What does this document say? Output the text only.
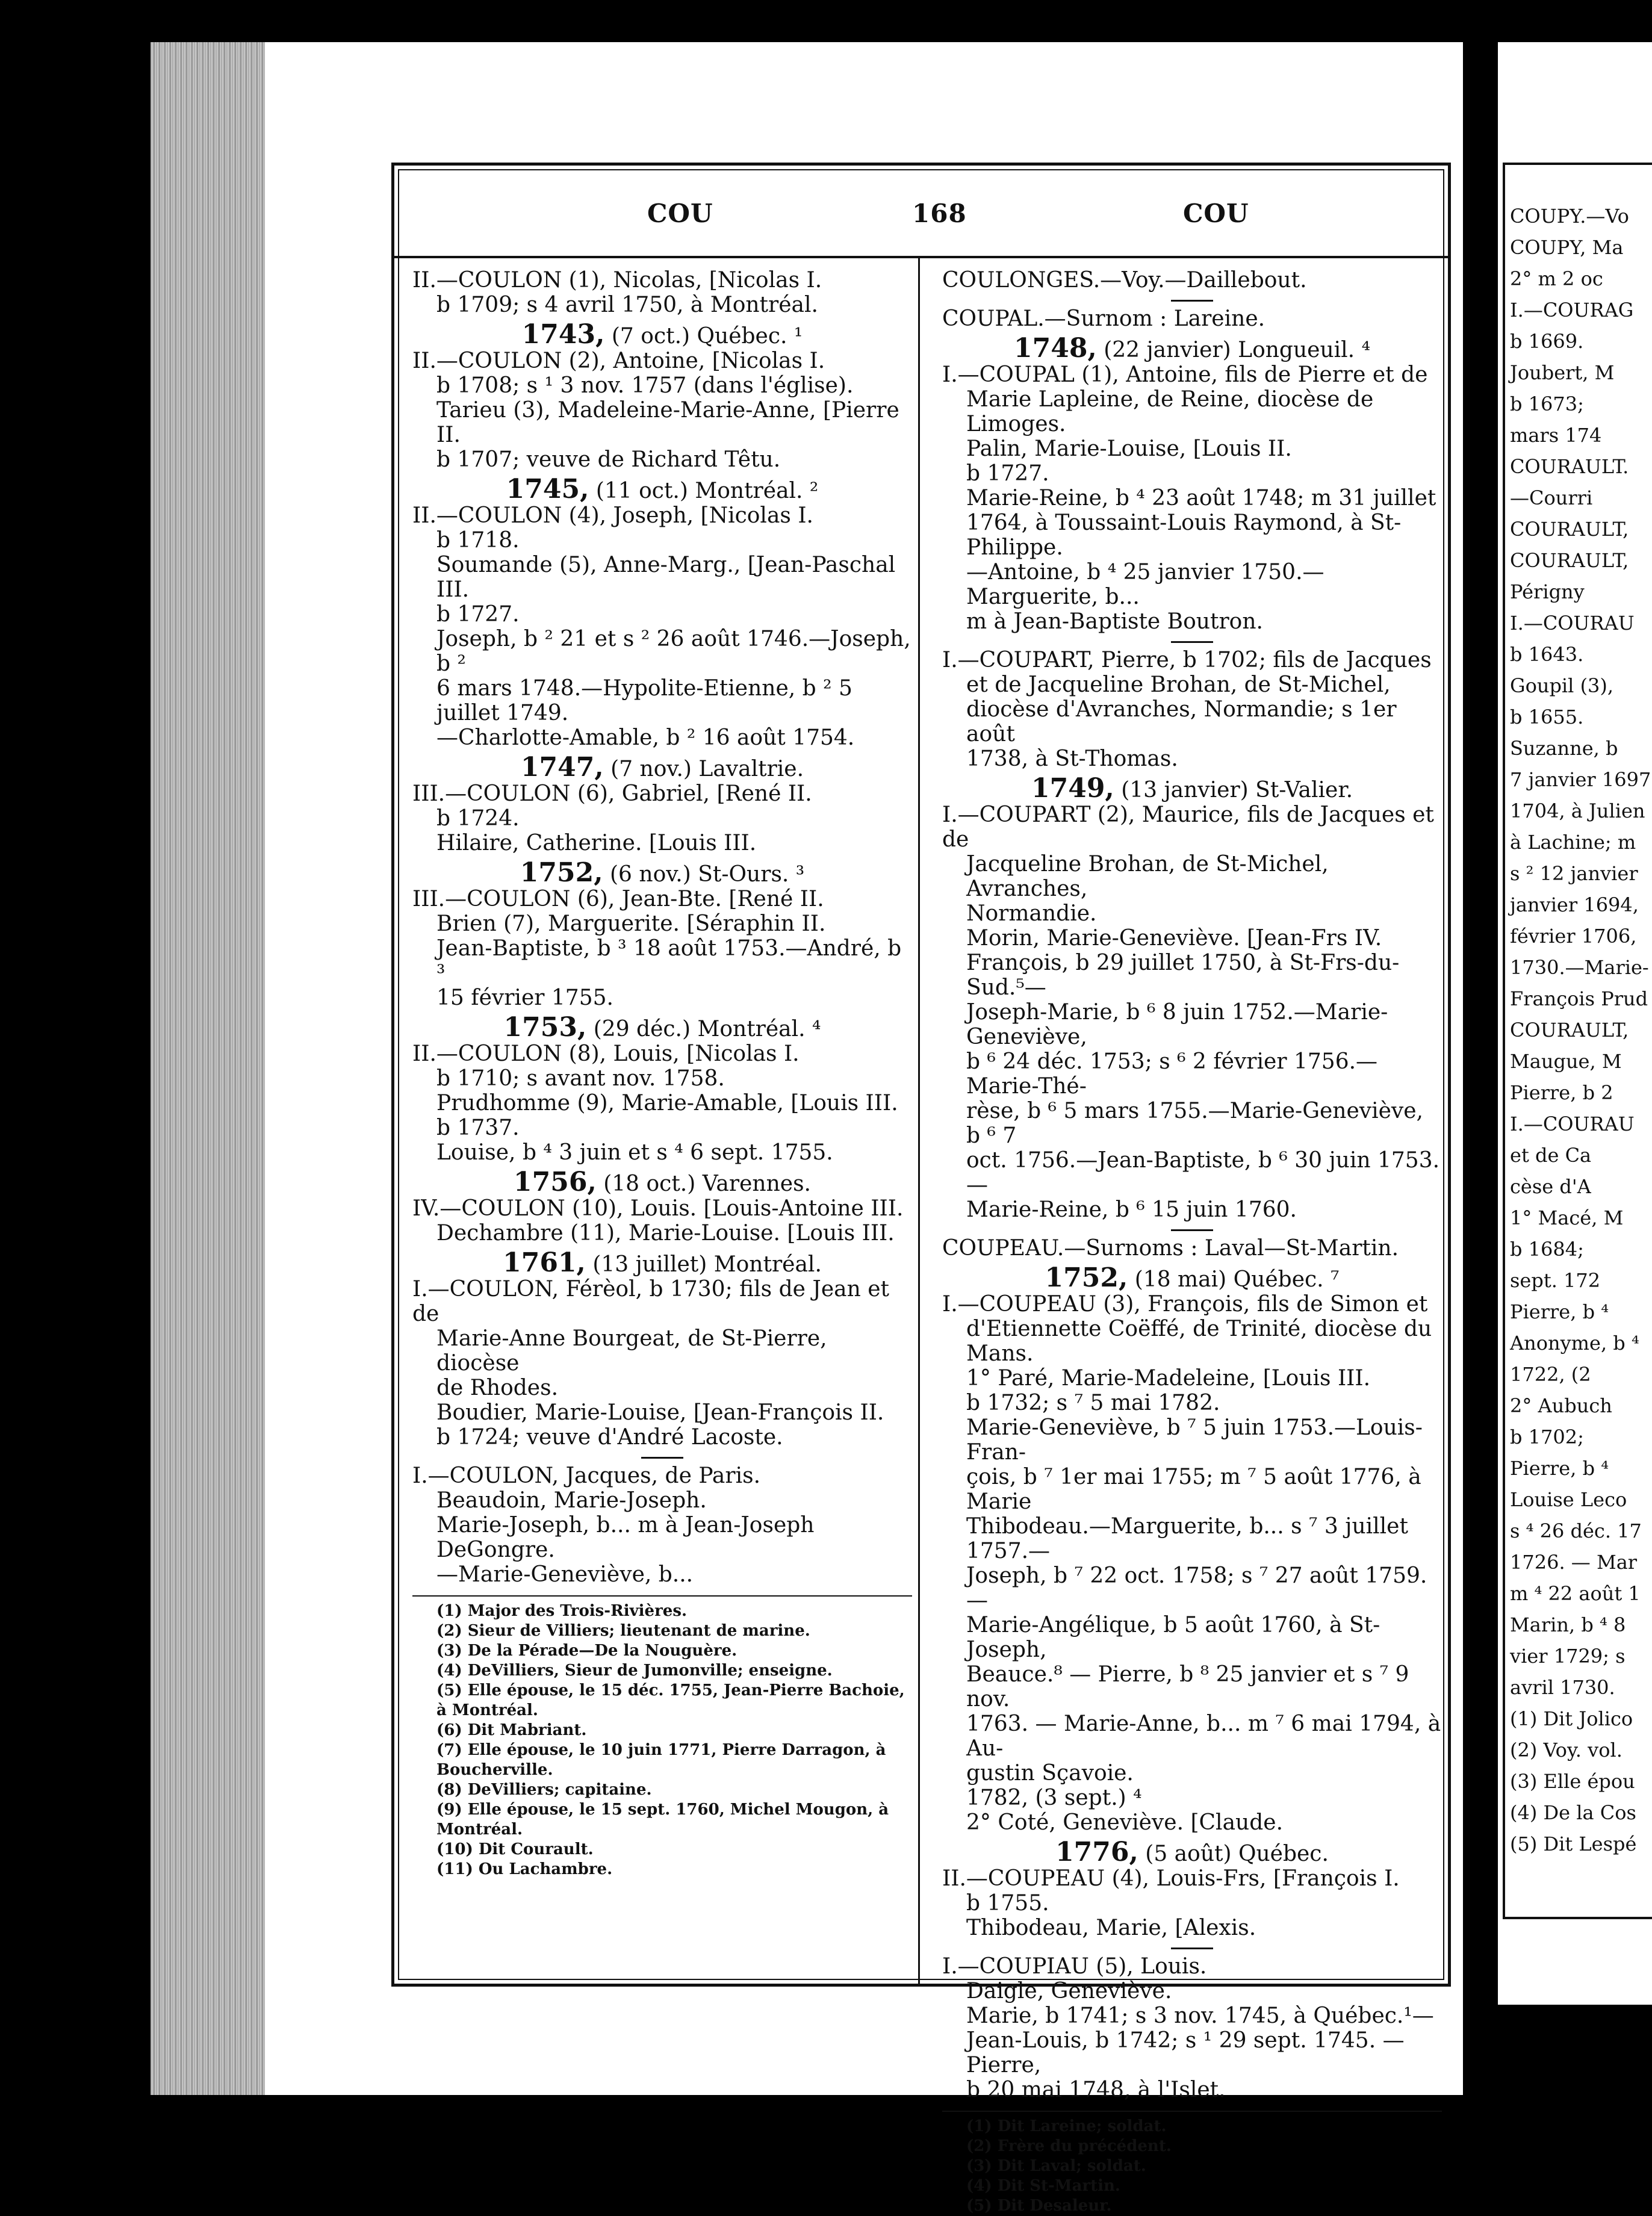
COUPY.—Vo
COUPY, Ma
2° m 2 oc
I.—COURAG
b 1669.
Joubert, M
b 1673;
mars 174
COURAULT.
—Courri
COURAULT,
COURAULT,
Périgny
I.—COURAU
b 1643.
Goupil (3),
b 1655.
Suzanne, b
7 janvier 1697
1704, à Julien
à Lachine; m
s ² 12 janvier
janvier 1694,
février 1706,
1730.—Marie-
François Prud
COURAULT,
Maugue, M
Pierre, b 2
I.—COURAU
et de Ca
cèse d'A
1° Macé, M
b 1684;
sept. 172
Pierre, b ⁴
Anonyme, b ⁴
1722, (2
2° Aubuch
b 1702;
Pierre, b ⁴
Louise Leco
s ⁴ 26 déc. 17
1726. — Mar
m ⁴ 22 août 1
Marin, b ⁴ 8
vier 1729; s
avril 1730.
(1) Dit Jolico
(2) Voy. vol.
(3) Elle épou
(4) De la Cos
(5) Dit Lespé
COU	168	COU
II.—COULON (1), Nicolas, [Nicolas I.
b 1709; s 4 avril 1750, à Montréal.
1743, (7 oct.) Québec. ¹
II.—COULON (2), Antoine, [Nicolas I.
b 1708; s ¹ 3 nov. 1757 (dans l'église).
Tarieu (3), Madeleine-Marie-Anne, [Pierre II.
b 1707; veuve de Richard Têtu.
1745, (11 oct.) Montréal. ²
II.—COULON (4), Joseph, [Nicolas I.
b 1718.
Soumande (5), Anne-Marg., [Jean-Paschal III.
b 1727.
Joseph, b ² 21 et s ² 26 août 1746.—Joseph, b ²
6 mars 1748.—Hypolite-Etienne, b ² 5 juillet 1749.
—Charlotte-Amable, b ² 16 août 1754.
1747, (7 nov.) Lavaltrie.
III.—COULON (6), Gabriel, [René II.
b 1724.
Hilaire, Catherine. [Louis III.
1752, (6 nov.) St-Ours. ³
III.—COULON (6), Jean-Bte. [René II.
Brien (7), Marguerite. [Séraphin II.
Jean-Baptiste, b ³ 18 août 1753.—André, b ³
15 février 1755.
1753, (29 déc.) Montréal. ⁴
II.—COULON (8), Louis, [Nicolas I.
b 1710; s avant nov. 1758.
Prudhomme (9), Marie-Amable, [Louis III.
b 1737.
Louise, b ⁴ 3 juin et s ⁴ 6 sept. 1755.
1756, (18 oct.) Varennes.
IV.—COULON (10), Louis. [Louis-Antoine III.
Dechambre (11), Marie-Louise. [Louis III.
1761, (13 juillet) Montréal.
I.—COULON, Férèol, b 1730; fils de Jean et de
Marie-Anne Bourgeat, de St-Pierre, diocèse
de Rhodes.
Boudier, Marie-Louise, [Jean-François II.
b 1724; veuve d'André Lacoste.
I.—COULON, Jacques, de Paris.
Beaudoin, Marie-Joseph.
Marie-Joseph, b... m à Jean-Joseph DeGongre.
—Marie-Geneviève, b...
(1) Major des Trois-Rivières.
(2) Sieur de Villiers; lieutenant de marine.
(3) De la Pérade—De la Nouguère.
(4) DeVilliers, Sieur de Jumonville; enseigne.
(5) Elle épouse, le 15 déc. 1755, Jean-Pierre Bachoie, à Montréal.
(6) Dit Mabriant.
(7) Elle épouse, le 10 juin 1771, Pierre Darragon, à Boucherville.
(8) DeVilliers; capitaine.
(9) Elle épouse, le 15 sept. 1760, Michel Mougon, à Montréal.
(10) Dit Courault.
(11) Ou Lachambre.
COULONGES.—Voy.—Daillebout.
COUPAL.—Surnom : Lareine.
1748, (22 janvier) Longueuil. ⁴
I.—COUPAL (1), Antoine, fils de Pierre et de
Marie Lapleine, de Reine, diocèse de Limoges.
Palin, Marie-Louise, [Louis II.
b 1727.
Marie-Reine, b ⁴ 23 août 1748; m 31 juillet
1764, à Toussaint-Louis Raymond, à St-Philippe.
—Antoine, b ⁴ 25 janvier 1750.—Marguerite, b...
m à Jean-Baptiste Boutron.
I.—COUPART, Pierre, b 1702; fils de Jacques
et de Jacqueline Brohan, de St-Michel,
diocèse d'Avranches, Normandie; s 1er août
1738, à St-Thomas.
1749, (13 janvier) St-Valier.
I.—COUPART (2), Maurice, fils de Jacques et de
Jacqueline Brohan, de St-Michel, Avranches,
Normandie.
Morin, Marie-Geneviève. [Jean-Frs IV.
François, b 29 juillet 1750, à St-Frs-du-Sud.⁵—
Joseph-Marie, b ⁶ 8 juin 1752.—Marie-Geneviève,
b ⁶ 24 déc. 1753; s ⁶ 2 février 1756.—Marie-Thé-
rèse, b ⁶ 5 mars 1755.—Marie-Geneviève, b ⁶ 7
oct. 1756.—Jean-Baptiste, b ⁶ 30 juin 1753.—
Marie-Reine, b ⁶ 15 juin 1760.
COUPEAU.—Surnoms : Laval—St-Martin.
1752, (18 mai) Québec. ⁷
I.—COUPEAU (3), François, fils de Simon et
d'Etiennette Coëffé, de Trinité, diocèse du
Mans.
1° Paré, Marie-Madeleine, [Louis III.
b 1732; s ⁷ 5 mai 1782.
Marie-Geneviève, b ⁷ 5 juin 1753.—Louis-Fran-
çois, b ⁷ 1er mai 1755; m ⁷ 5 août 1776, à Marie
Thibodeau.—Marguerite, b... s ⁷ 3 juillet 1757.—
Joseph, b ⁷ 22 oct. 1758; s ⁷ 27 août 1759.—
Marie-Angélique, b 5 août 1760, à St-Joseph,
Beauce.⁸ — Pierre, b ⁸ 25 janvier et s ⁷ 9 nov.
1763. — Marie-Anne, b... m ⁷ 6 mai 1794, à Au-
gustin Sçavoie.
1782, (3 sept.) ⁴
2° Coté, Geneviève. [Claude.
1776, (5 août) Québec.
II.—COUPEAU (4), Louis-Frs, [François I.
b 1755.
Thibodeau, Marie, [Alexis.
I.—COUPIAU (5), Louis.
Daigle, Geneviève.
Marie, b 1741; s 3 nov. 1745, à Québec.¹—
Jean-Louis, b 1742; s ¹ 29 sept. 1745. — Pierre,
b 20 mai 1748, à l'Islet.
(1) Dit Lareine; soldat.
(2) Frère du précédent.
(3) Dit Laval; soldat.
(4) Dit St-Martin.
(5) Dit Desaleur.
